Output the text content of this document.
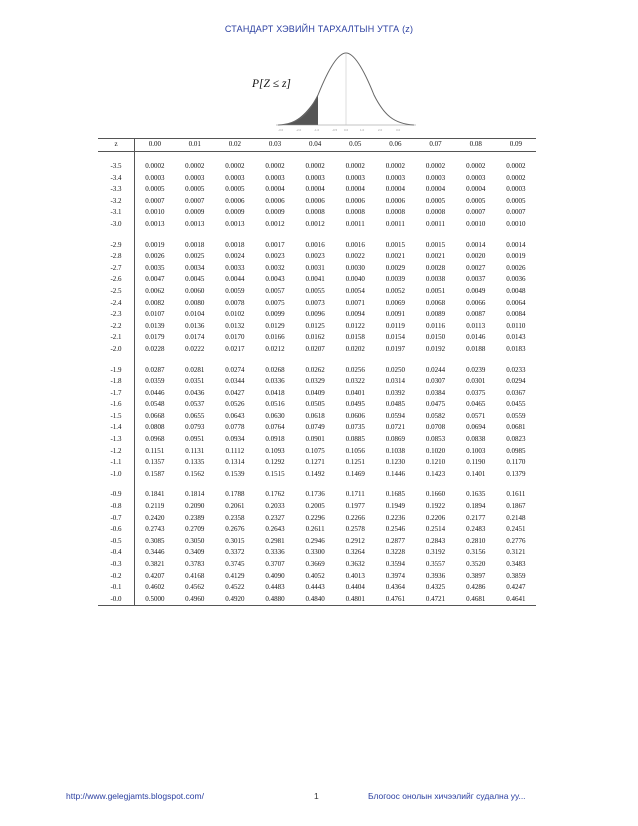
СТАНДАРТ ХЭВИЙН ТАРХАЛТЫН УТГА (z)
-3.0	-2.0	-1.0	-0.5 0.0	1.0	2.0	3.0
P[Z ≤ z]
z	0.00	0.01	0.02	0.03	0.04	0.05	0.06	0.07	0.08	0.09

-3.5	0.0002	0.0002	0.0002	0.0002	0.0002	0.0002	0.0002	0.0002	0.0002	0.0002
-3.4	0.0003	0.0003	0.0003	0.0003	0.0003	0.0003	0.0003	0.0003	0.0003	0.0002
-3.3	0.0005	0.0005	0.0005	0.0004	0.0004	0.0004	0.0004	0.0004	0.0004	0.0003
-3.2	0.0007	0.0007	0.0006	0.0006	0.0006	0.0006	0.0006	0.0005	0.0005	0.0005
-3.1	0.0010	0.0009	0.0009	0.0009	0.0008	0.0008	0.0008	0.0008	0.0007	0.0007
-3.0	0.0013	0.0013	0.0013	0.0012	0.0012	0.0011	0.0011	0.0011	0.0010	0.0010

-2.9	0.0019	0.0018	0.0018	0.0017	0.0016	0.0016	0.0015	0.0015	0.0014	0.0014
-2.8	0.0026	0.0025	0.0024	0.0023	0.0023	0.0022	0.0021	0.0021	0.0020	0.0019
-2.7	0.0035	0.0034	0.0033	0.0032	0.0031	0.0030	0.0029	0.0028	0.0027	0.0026
-2.6	0.0047	0.0045	0.0044	0.0043	0.0041	0.0040	0.0039	0.0038	0.0037	0.0036
-2.5	0.0062	0.0060	0.0059	0.0057	0.0055	0.0054	0.0052	0.0051	0.0049	0.0048
-2.4	0.0082	0.0080	0.0078	0.0075	0.0073	0.0071	0.0069	0.0068	0.0066	0.0064
-2.3	0.0107	0.0104	0.0102	0.0099	0.0096	0.0094	0.0091	0.0089	0.0087	0.0084
-2.2	0.0139	0.0136	0.0132	0.0129	0.0125	0.0122	0.0119	0.0116	0.0113	0.0110
-2.1	0.0179	0.0174	0.0170	0.0166	0.0162	0.0158	0.0154	0.0150	0.0146	0.0143
-2.0	0.0228	0.0222	0.0217	0.0212	0.0207	0.0202	0.0197	0.0192	0.0188	0.0183

-1.9	0.0287	0.0281	0.0274	0.0268	0.0262	0.0256	0.0250	0.0244	0.0239	0.0233
-1.8	0.0359	0.0351	0.0344	0.0336	0.0329	0.0322	0.0314	0.0307	0.0301	0.0294
-1.7	0.0446	0.0436	0.0427	0.0418	0.0409	0.0401	0.0392	0.0384	0.0375	0.0367
-1.6	0.0548	0.0537	0.0526	0.0516	0.0505	0.0495	0.0485	0.0475	0.0465	0.0455
-1.5	0.0668	0.0655	0.0643	0.0630	0.0618	0.0606	0.0594	0.0582	0.0571	0.0559
-1.4	0.0808	0.0793	0.0778	0.0764	0.0749	0.0735	0.0721	0.0708	0.0694	0.0681
-1.3	0.0968	0.0951	0.0934	0.0918	0.0901	0.0885	0.0869	0.0853	0.0838	0.0823
-1.2	0.1151	0.1131	0.1112	0.1093	0.1075	0.1056	0.1038	0.1020	0.1003	0.0985
-1.1	0.1357	0.1335	0.1314	0.1292	0.1271	0.1251	0.1230	0.1210	0.1190	0.1170
-1.0	0.1587	0.1562	0.1539	0.1515	0.1492	0.1469	0.1446	0.1423	0.1401	0.1379

-0.9	0.1841	0.1814	0.1788	0.1762	0.1736	0.1711	0.1685	0.1660	0.1635	0.1611
-0.8	0.2119	0.2090	0.2061	0.2033	0.2005	0.1977	0.1949	0.1922	0.1894	0.1867
-0.7	0.2420	0.2389	0.2358	0.2327	0.2296	0.2266	0.2236	0.2206	0.2177	0.2148
-0.6	0.2743	0.2709	0.2676	0.2643	0.2611	0.2578	0.2546	0.2514	0.2483	0.2451
-0.5	0.3085	0.3050	0.3015	0.2981	0.2946	0.2912	0.2877	0.2843	0.2810	0.2776
-0.4	0.3446	0.3409	0.3372	0.3336	0.3300	0.3264	0.3228	0.3192	0.3156	0.3121
-0.3	0.3821	0.3783	0.3745	0.3707	0.3669	0.3632	0.3594	0.3557	0.3520	0.3483
-0.2	0.4207	0.4168	0.4129	0.4090	0.4052	0.4013	0.3974	0.3936	0.3897	0.3859
-0.1	0.4602	0.4562	0.4522	0.4483	0.4443	0.4404	0.4364	0.4325	0.4286	0.4247
-0.0	0.5000	0.4960	0.4920	0.4880	0.4840	0.4801	0.4761	0.4721	0.4681	0.4641
http://www.gelegjamts.blogspot.com/	1	Блогоос онолын хичээлийг судална уу...
